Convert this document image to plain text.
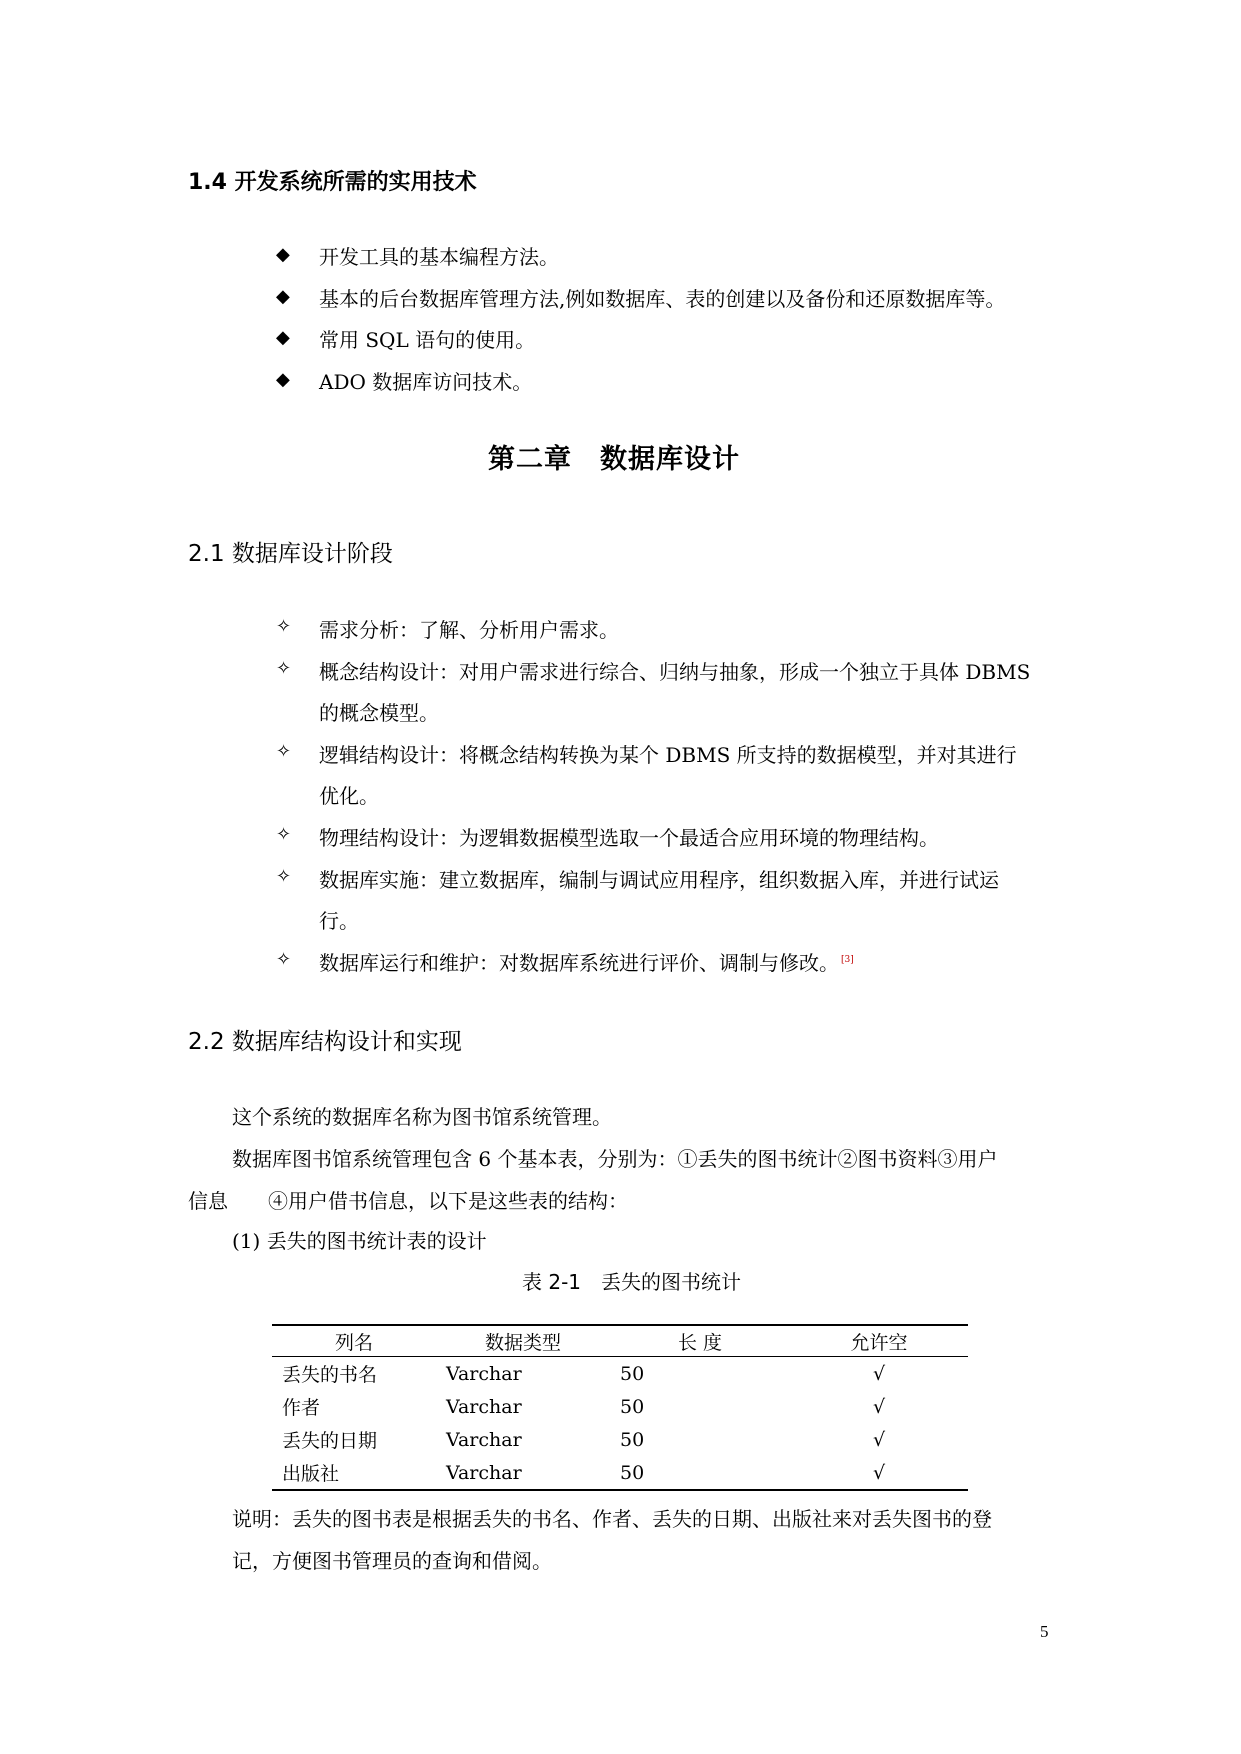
1.4 开发系统所需的实用技术
◆ 开发工具的基本编程方法。
◆ 基本的后台数据库管理方法,例如数据库、表的创建以及备份和还原数据库等。
◆ 常用 SQL 语句的使用。
◆ ADO 数据库访问技术。
第二章　数据库设计
2.1 数据库设计阶段
✧ 需求分析：了解、分析用户需求。
✧ 概念结构设计：对用户需求进行综合、归纳与抽象，形成一个独立于具体 DBMS
的概念模型。
✧ 逻辑结构设计：将概念结构转换为某个 DBMS 所支持的数据模型，并对其进行
优化。
✧ 物理结构设计：为逻辑数据模型选取一个最适合应用环境的物理结构。
✧ 数据库实施：建立数据库，编制与调试应用程序，组织数据入库，并进行试运
行。
✧ 数据库运行和维护：对数据库系统进行评价、调制与修改。 [3]
2.2 数据库结构设计和实现
这个系统的数据库名称为图书馆系统管理。
数据库图书馆系统管理包含 6 个基本表，分别为：①丢失的图书统计②图书资料③用户
信息　　④用户借书信息，以下是这些表的结构：
(1) 丢失的图书统计表的设计
表 2-1　丢失的图书统计
列名	数据类型	长 度	允许空
丢失的书名	Varchar	50	√
作者	Varchar	50	√
丢失的日期	Varchar	50	√
出版社	Varchar	50	√
说明：丢失的图书表是根据丢失的书名、作者、丢失的日期、出版社来对丢失图书的登
记，方便图书管理员的查询和借阅。
5
